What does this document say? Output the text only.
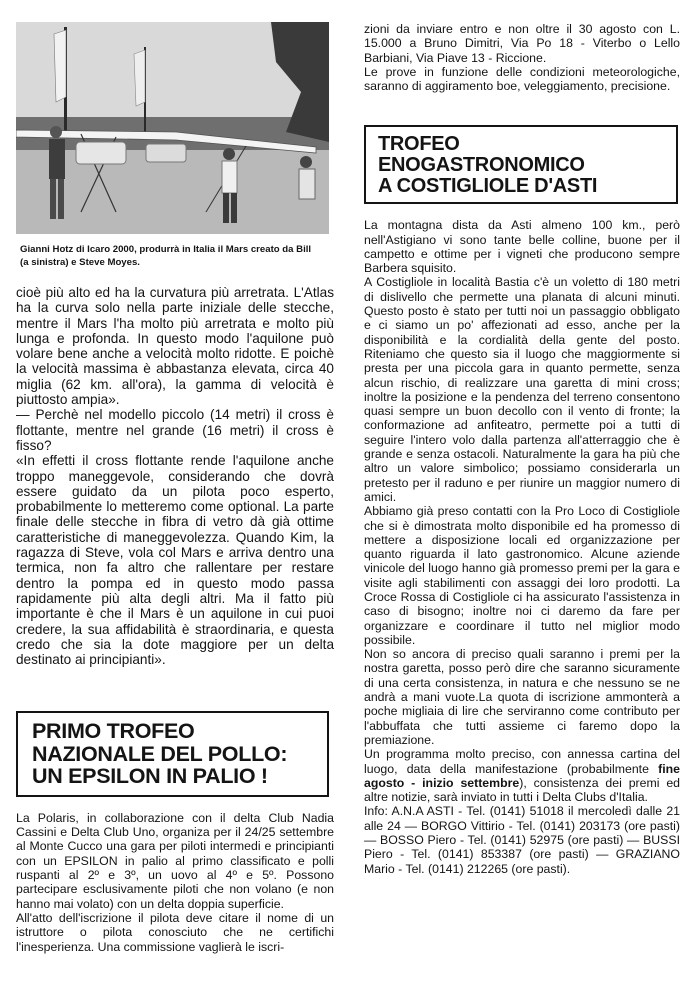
Gianni Hotz di Icaro 2000, produrrà in Italia il Mars creato da Bill (a sinistra) e Steve Moyes.

cioè più alto ed ha la curvatura più arretrata. L'Atlas ha la curva solo nella parte iniziale delle stecche, mentre il Mars l'ha molto più arretrata e molto più lunga e profonda. In questo modo l'aquilone può volare bene anche a velocità molto ridotte. E poichè la velocità massima è abbastanza elevata, circa 40 miglia (62 km. all'ora), la gamma di velocità è piuttosto ampia».

— Perchè nel modello piccolo (14 metri) il cross è flottante, mentre nel grande (16 metri) il cross è fisso?

«In effetti il cross flottante rende l'aquilone anche troppo maneggevole, considerando che dovrà essere guidato da un pilota poco esperto, probabilmente lo metteremo come optional. La parte finale delle stecche in fibra di vetro dà già ottime caratteristiche di maneggevolezza. Quando Kim, la ragazza di Steve, vola col Mars e arriva dentro una termica, non fa altro che rallentare per restare dentro la pompa ed in questo modo passa rapidamente più alta degli altri. Ma il fatto più importante è che il Mars è un aquilone in cui puoi credere, la sua affidabilità è straordinaria, e questa credo che sia la dote maggiore per un delta destinato ai principianti».

PRIMO TROFEO
NAZIONALE DEL POLLO:
UN EPSILON IN PALIO !

La Polaris, in collaborazione con il delta Club Nadia Cassini e Delta Club Uno, organiza per il 24/25 settembre al Monte Cucco una gara per piloti intermedi e principianti con un EPSILON in palio al primo classificato e polli ruspanti al 2º e 3º, un uovo al 4º e 5º. Possono partecipare esclusivamente piloti che non volano (e non hanno mai volato) con un delta doppia superficie.

All'atto dell'iscrizione il pilota deve citare il nome di un istruttore o pilota conosciuto che ne certifichi l'inesperienza. Una commissione vaglierà le iscri-

zioni da inviare entro e non oltre il 30 agosto con L. 15.000 a Bruno Dimitri, Via Po 18 - Viterbo o Lello Barbiani, Via Piave 13 - Riccione.

Le prove in funzione delle condizioni meteorologiche, saranno di aggiramento boe, veleggiamento, precisione.

TROFEO
ENOGASTRONOMICO
A COSTIGLIOLE D'ASTI

La montagna dista da Asti almeno 100 km., però nell'Astigiano vi sono tante belle colline, buone per il campetto e ottime per i vigneti che producono sempre Barbera squisito.

A Costigliole in località Bastia c'è un voletto di 180 metri di dislivello che permette una planata di alcuni minuti. Questo posto è stato per tutti noi un passaggio obbligato e ci siamo un po' affezionati ad esso, anche per la disponibilità e la cordialità della gente del posto. Riteniamo che questo sia il luogo che maggiormente si presta per una piccola gara in quanto permette, senza alcun rischio, di realizzare una garetta di mini cross; inoltre la posizione e la pendenza del terreno consentono quasi sempre un buon decollo con il vento di fronte; la conformazione ad anfiteatro, permette poi a tutti di seguire l'intero volo dalla partenza all'atterraggio che è grande e senza ostacoli. Naturalmente la gara ha più che altro un valore simbolico; possiamo considerarla un pretesto per il raduno e per riunire un maggior numero di amici.

Abbiamo già preso contatti con la Pro Loco di Costigliole che si è dimostrata molto disponibile ed ha promesso di mettere a disposizione locali ed organizzazione per quanto riguarda il lato gastronomico. Alcune aziende vinicole del luogo hanno già promesso premi per la gara e visite agli stabilimenti con assaggi dei loro prodotti. La Croce Rossa di Costigliole ci ha assicurato l'assistenza in caso di bisogno; inoltre noi ci daremo da fare per organizzare e coordinare il tutto nel miglior modo possibile.

Non so ancora di preciso quali saranno i premi per la nostra garetta, posso però dire che saranno sicuramente di una certa consistenza, in natura e che nessuno se ne andrà a mani vuote.La quota di iscrizione ammonterà a poche migliaia di lire che serviranno come contributo per l'abbuffata che tutti assieme ci faremo dopo la premiazione.

Un programma molto preciso, con annessa cartina del luogo, data della manifestazione (probabilmente fine agosto - inizio settembre), consistenza dei premi ed altre notizie, sarà inviato in tutti i Delta Clubs d'Italia.

Info: A.N.A ASTI - Tel. (0141) 51018 il mercoledì dalle 21 alle 24 — BORGO Vittirio - Tel. (0141) 203173 (ore pasti) — BOSSO Piero - Tel. (0141) 52975 (ore pasti) — BUSSI Piero - Tel. (0141) 853387 (ore pasti) — GRAZIANO Mario - Tel. (0141) 212265 (ore pasti).
